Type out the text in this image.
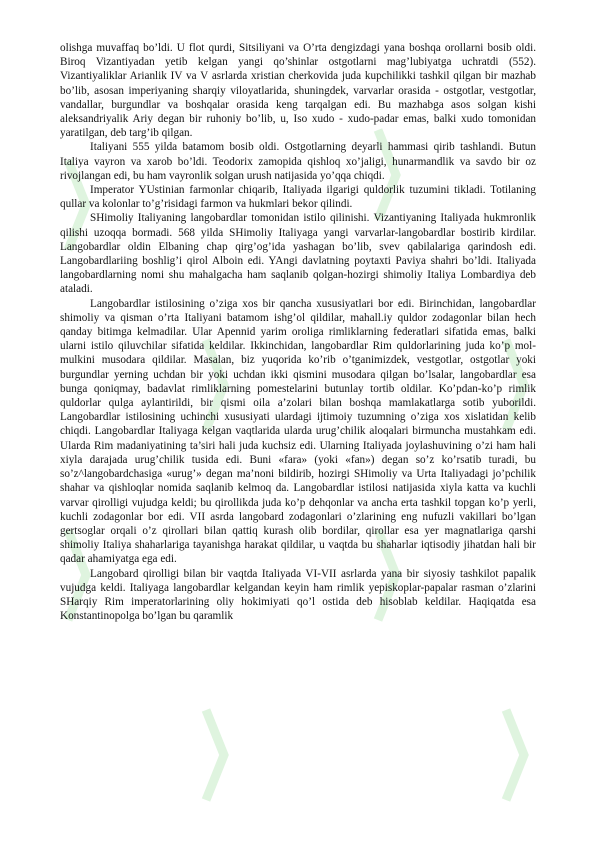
olishga muvaffaq bo’ldi. U flot qurdi, Sitsiliyani va O’rta dengizdagi yana boshqa orollarni bosib oldi. Biroq Vizantiyadan yetib kelgan yangi qo’shinlar ostgotlarni mag’lubiyatga uchratdi (552). Vizantiyaliklar Arianlik IV va V asrlarda xristian cherkovida juda kupchilikki tashkil qilgan bir mazhab bo’lib, asosan imperiyaning sharqiy viloyatlarida, shuningdek, varvarlar orasida - ostgotlar, vestgotlar, vandallar, burgundlar va boshqalar orasida keng tarqalgan edi. Bu mazhabga asos solgan kishi aleksandriyalik Ariy degan bir ruhoniy bo’lib, u, Iso xudo - xudo-padar emas, balki xudo tomonidan yaratilgan, deb targ’ib qilgan.

Italiyani 555 yilda batamom bosib oldi. Ostgotlarning deyarli hammasi qirib tashlandi. Butun Italiya vayron va xarob bo’ldi. Teodorix zamopida qishloq xo’jaligi, hunarmandlik va savdo bir oz rivojlangan edi, bu ham vayronlik solgan urush natijasida yo’qqa chiqdi.

Imperator YUstinian farmonlar chiqarib, Italiyada ilgarigi quldorlik tuzumini tikladi. Totilaning qullar va kolonlar to’g’risidagi farmon va hukmlari bekor qilindi.

SHimoliy Italiyaning langobardlar tomonidan istilo qilinishi. Vizantiyaning Italiyada hukmronlik qilishi uzoqqa bormadi. 568 yilda SHimoliy Italiyaga yangi varvarlar-langobardlar bostirib kirdilar. Langobardlar oldin Elbaning chap qirg’og’ida yashagan bo’lib, svev qabilalariga qarindosh edi. Langobardlariing boshlig’i qirol Alboin edi. YAngi davlatning poytaxti Paviya shahri bo’ldi. Italiyada langobardlarning nomi shu mahalgacha ham saqlanib qolgan-hozirgi shimoliy Italiya Lombardiya deb ataladi.

Langobardlar istilosining o’ziga xos bir qancha xususiyatlari bor edi. Birinchidan, langobardlar shimoliy va qisman o’rta Italiyani batamom ishg’ol qildilar, mahall.iy quldor zodagonlar bilan hech qanday bitimga kelmadilar. Ular Apennid yarim oroliga rimliklarning federatlari sifatida emas, balki ularni istilo qiluvchilar sifatida keldilar. Ikkinchidan, langobardlar Rim quldorlarining juda ko’p mol-mulkini musodara qildilar. Masalan, biz yuqorida ko’rib o’tganimizdek, vestgotlar, ostgotlar yoki burgundlar yerning uchdan bir yoki uchdan ikki qismini musodara qilgan bo’lsalar, langobardlar esa bunga qoniqmay, badavlat rimliklarning pomestelarini butunlay tortib oldilar. Ko’pdan-ko’p rimlik quldorlar qulga aylantirildi, bir qismi oila a’zolari bilan boshqa mamlakatlarga sotib yuborildi. Langobardlar istilosining uchinchi xususiyati ulardagi ijtimoiy tuzumning o’ziga xos xislatidan kelib chiqdi. Langobardlar Italiyaga kelgan vaqtlarida ularda urug’chilik aloqalari birmuncha mustahkam edi. Ularda Rim madaniyatining ta’siri hali juda kuchsiz edi. Ularning Italiyada joylashuvining o’zi ham hali xiyla darajada urug’chilik tusida edi. Buni «fara» (yoki «fan») degan so’z ko’rsatib turadi, bu so’z^langobardchasiga «urug’» degan ma’noni bildirib, hozirgi SHimoliy va Urta Italiyadagi jo’pchilik shahar va qishloqlar nomida saqlanib kelmoq da. Langobardlar istilosi natijasida xiyla katta va kuchli varvar qirolligi vujudga keldi; bu qirollikda juda ko’p dehqonlar va ancha erta tashkil topgan ko’p yerli, kuchli zodagonlar bor edi. VII asrda langobard zodagonlari o’zlarining eng nufuzli vakillari bo’lgan gertsoglar orqali o’z qirollari bilan qattiq kurash olib bordilar, qirollar esa yer magnatlariga qarshi shimoliy Italiya shaharlariga tayanishga harakat qildilar, u vaqtda bu shaharlar iqtisodiy jihatdan hali bir qadar ahamiyatga ega edi.

Langobard qirolligi bilan bir vaqtda Italiyada VI-VII asrlarda yana bir siyosiy tashkilot papalik vujudga keldi. Italiyaga langobardlar kelgandan keyin ham rimlik yepiskoplar-papalar rasman o’zlarini SHarqiy Rim imperatorlarining oliy hokimiyati qo’l ostida deb hisoblab keldilar. Haqiqatda esa Konstantinopolga bo’lgan bu qaramlik
